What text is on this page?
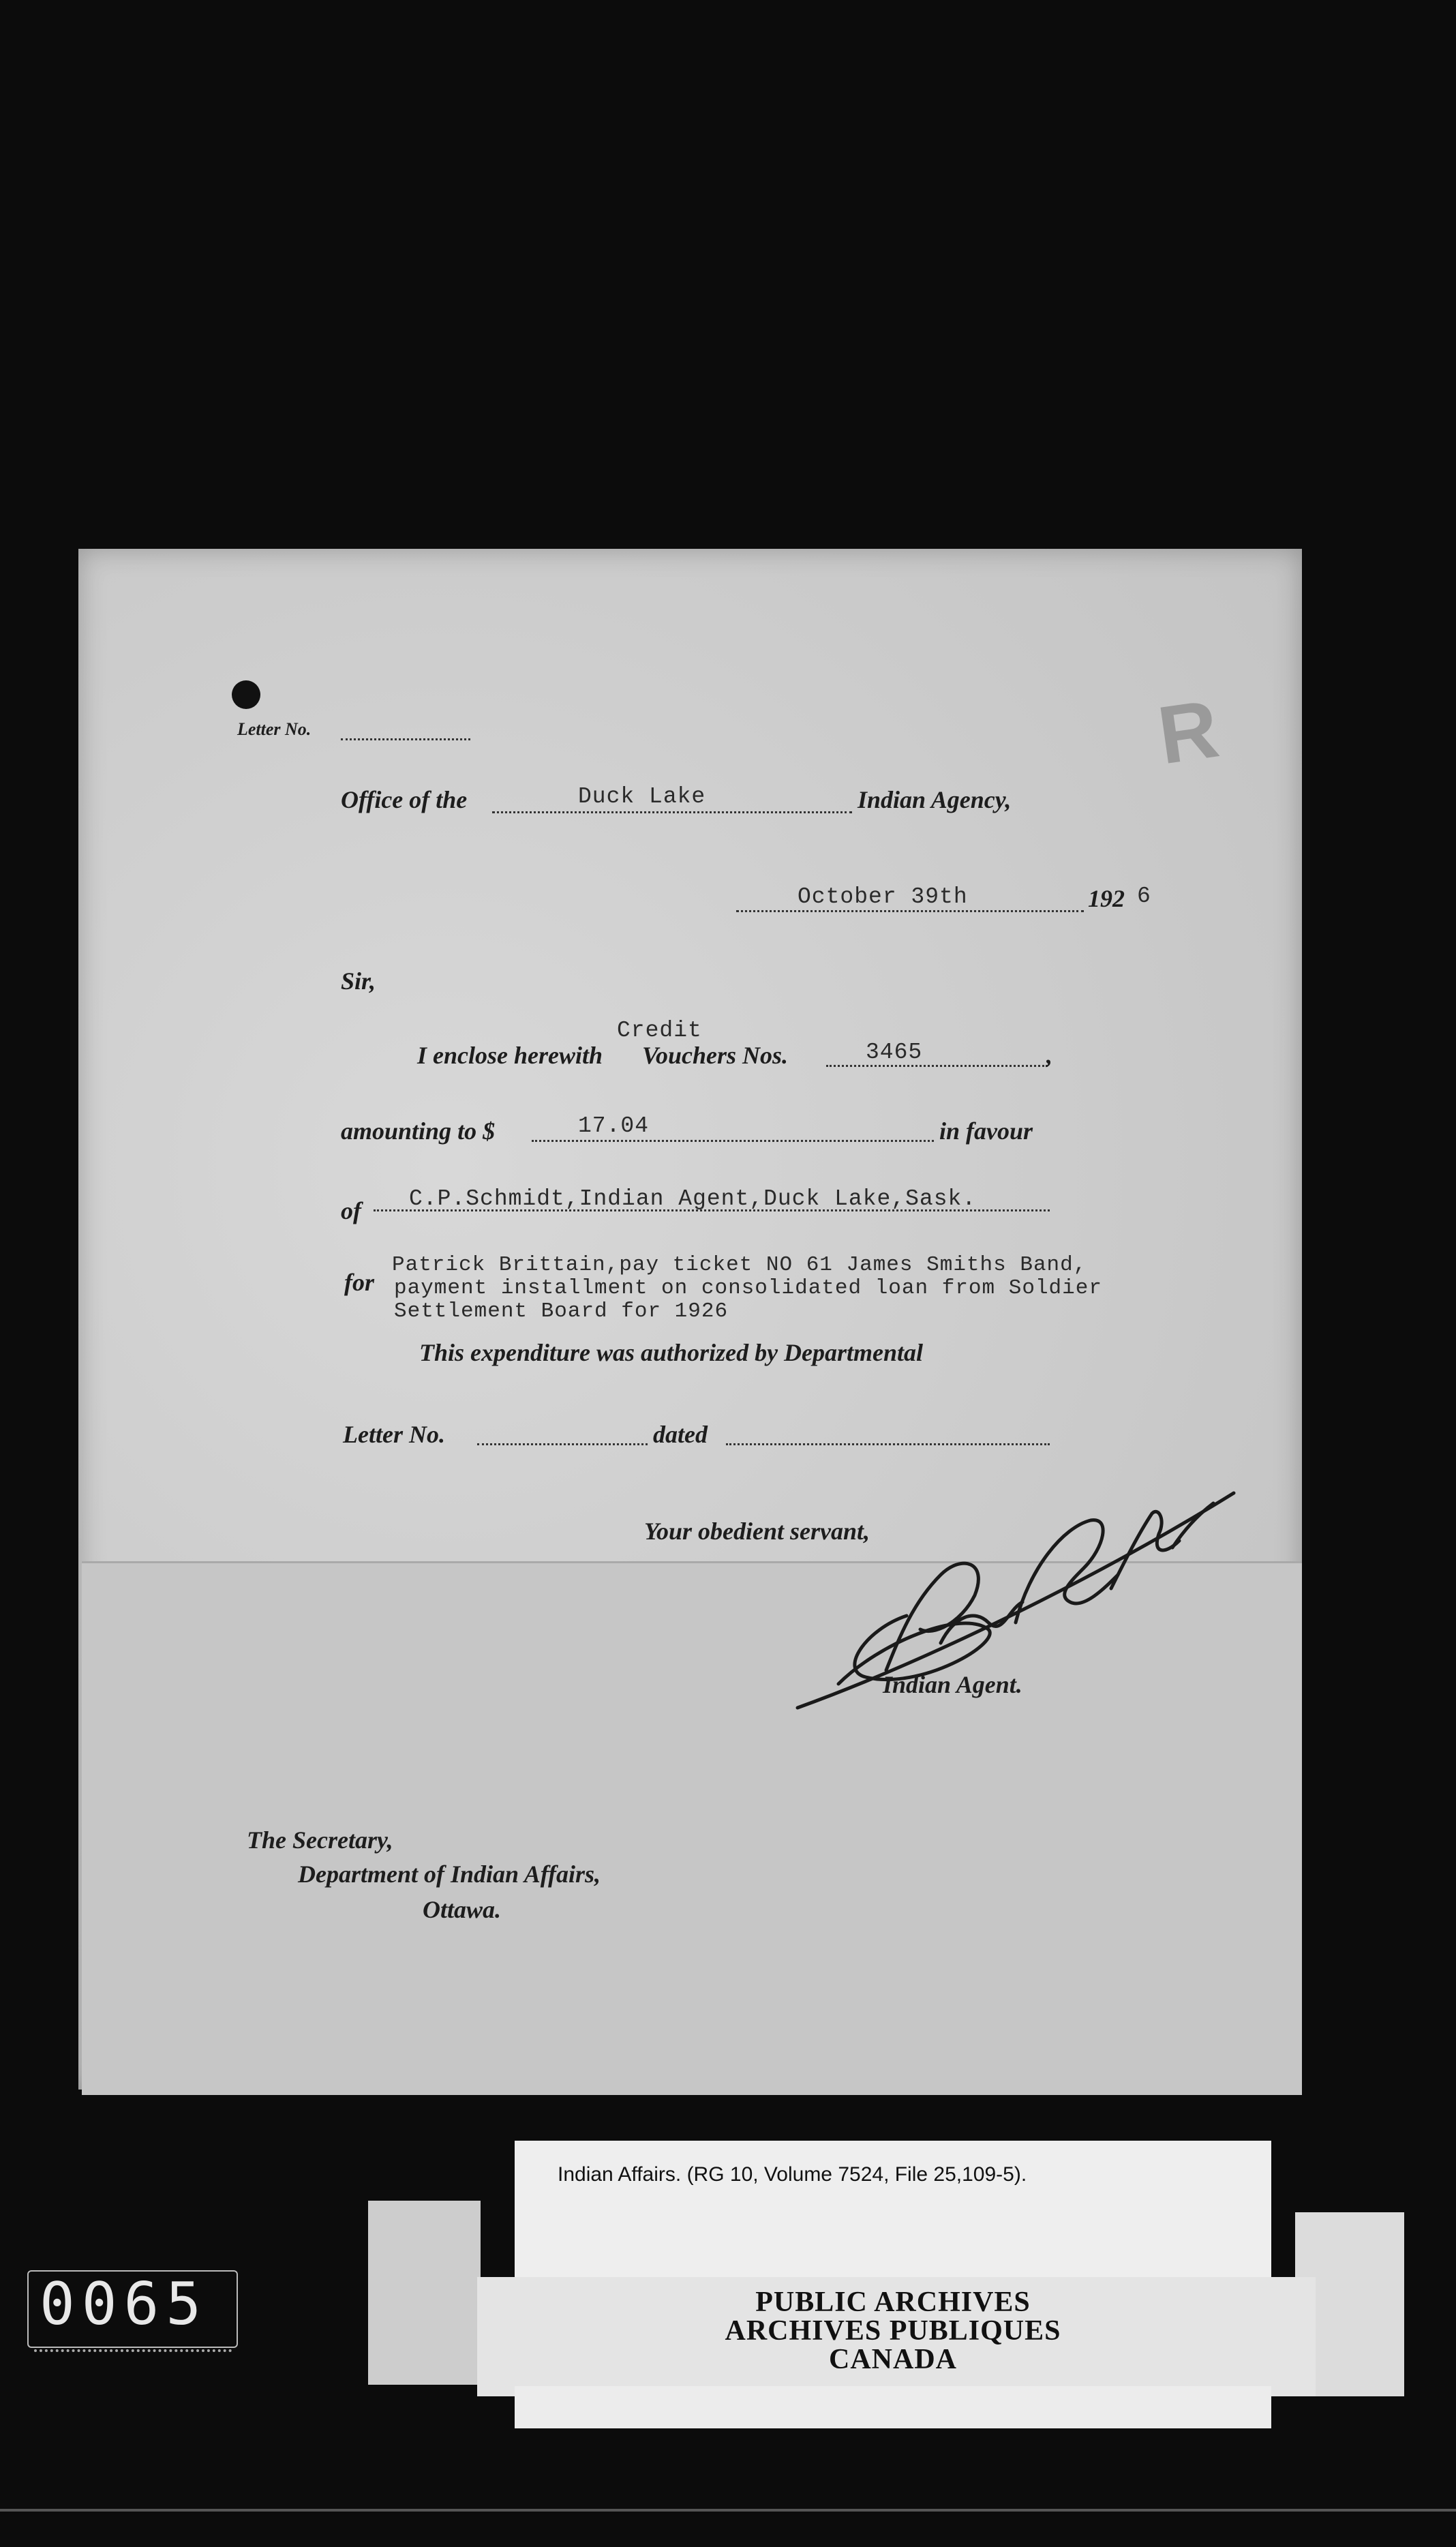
Letter No.	R
Office of the	Duck Lake	Indian Agency,
October 39th	192 6
Sir,
Credit
I enclose herewith Vouchers Nos.	3465	,
amounting to $	17.04	in favour
of C.P.Schmidt,Indian Agent,Duck Lake,Sask.
for
Patrick Brittain,pay ticket NO 61 James Smiths Band,
payment installment on consolidated loan from Soldier
Settlement Board for 1926
This expenditure was authorized by Departmental
Letter No.	dated
Your obedient servant,
Indian Agent.
The Secretary,
Department of Indian Affairs,
Ottawa.
Indian Affairs. (RG 10, Volume 7524, File 25,109-5).
PUBLIC ARCHIVES
ARCHIVES PUBLIQUES
CANADA
0065
